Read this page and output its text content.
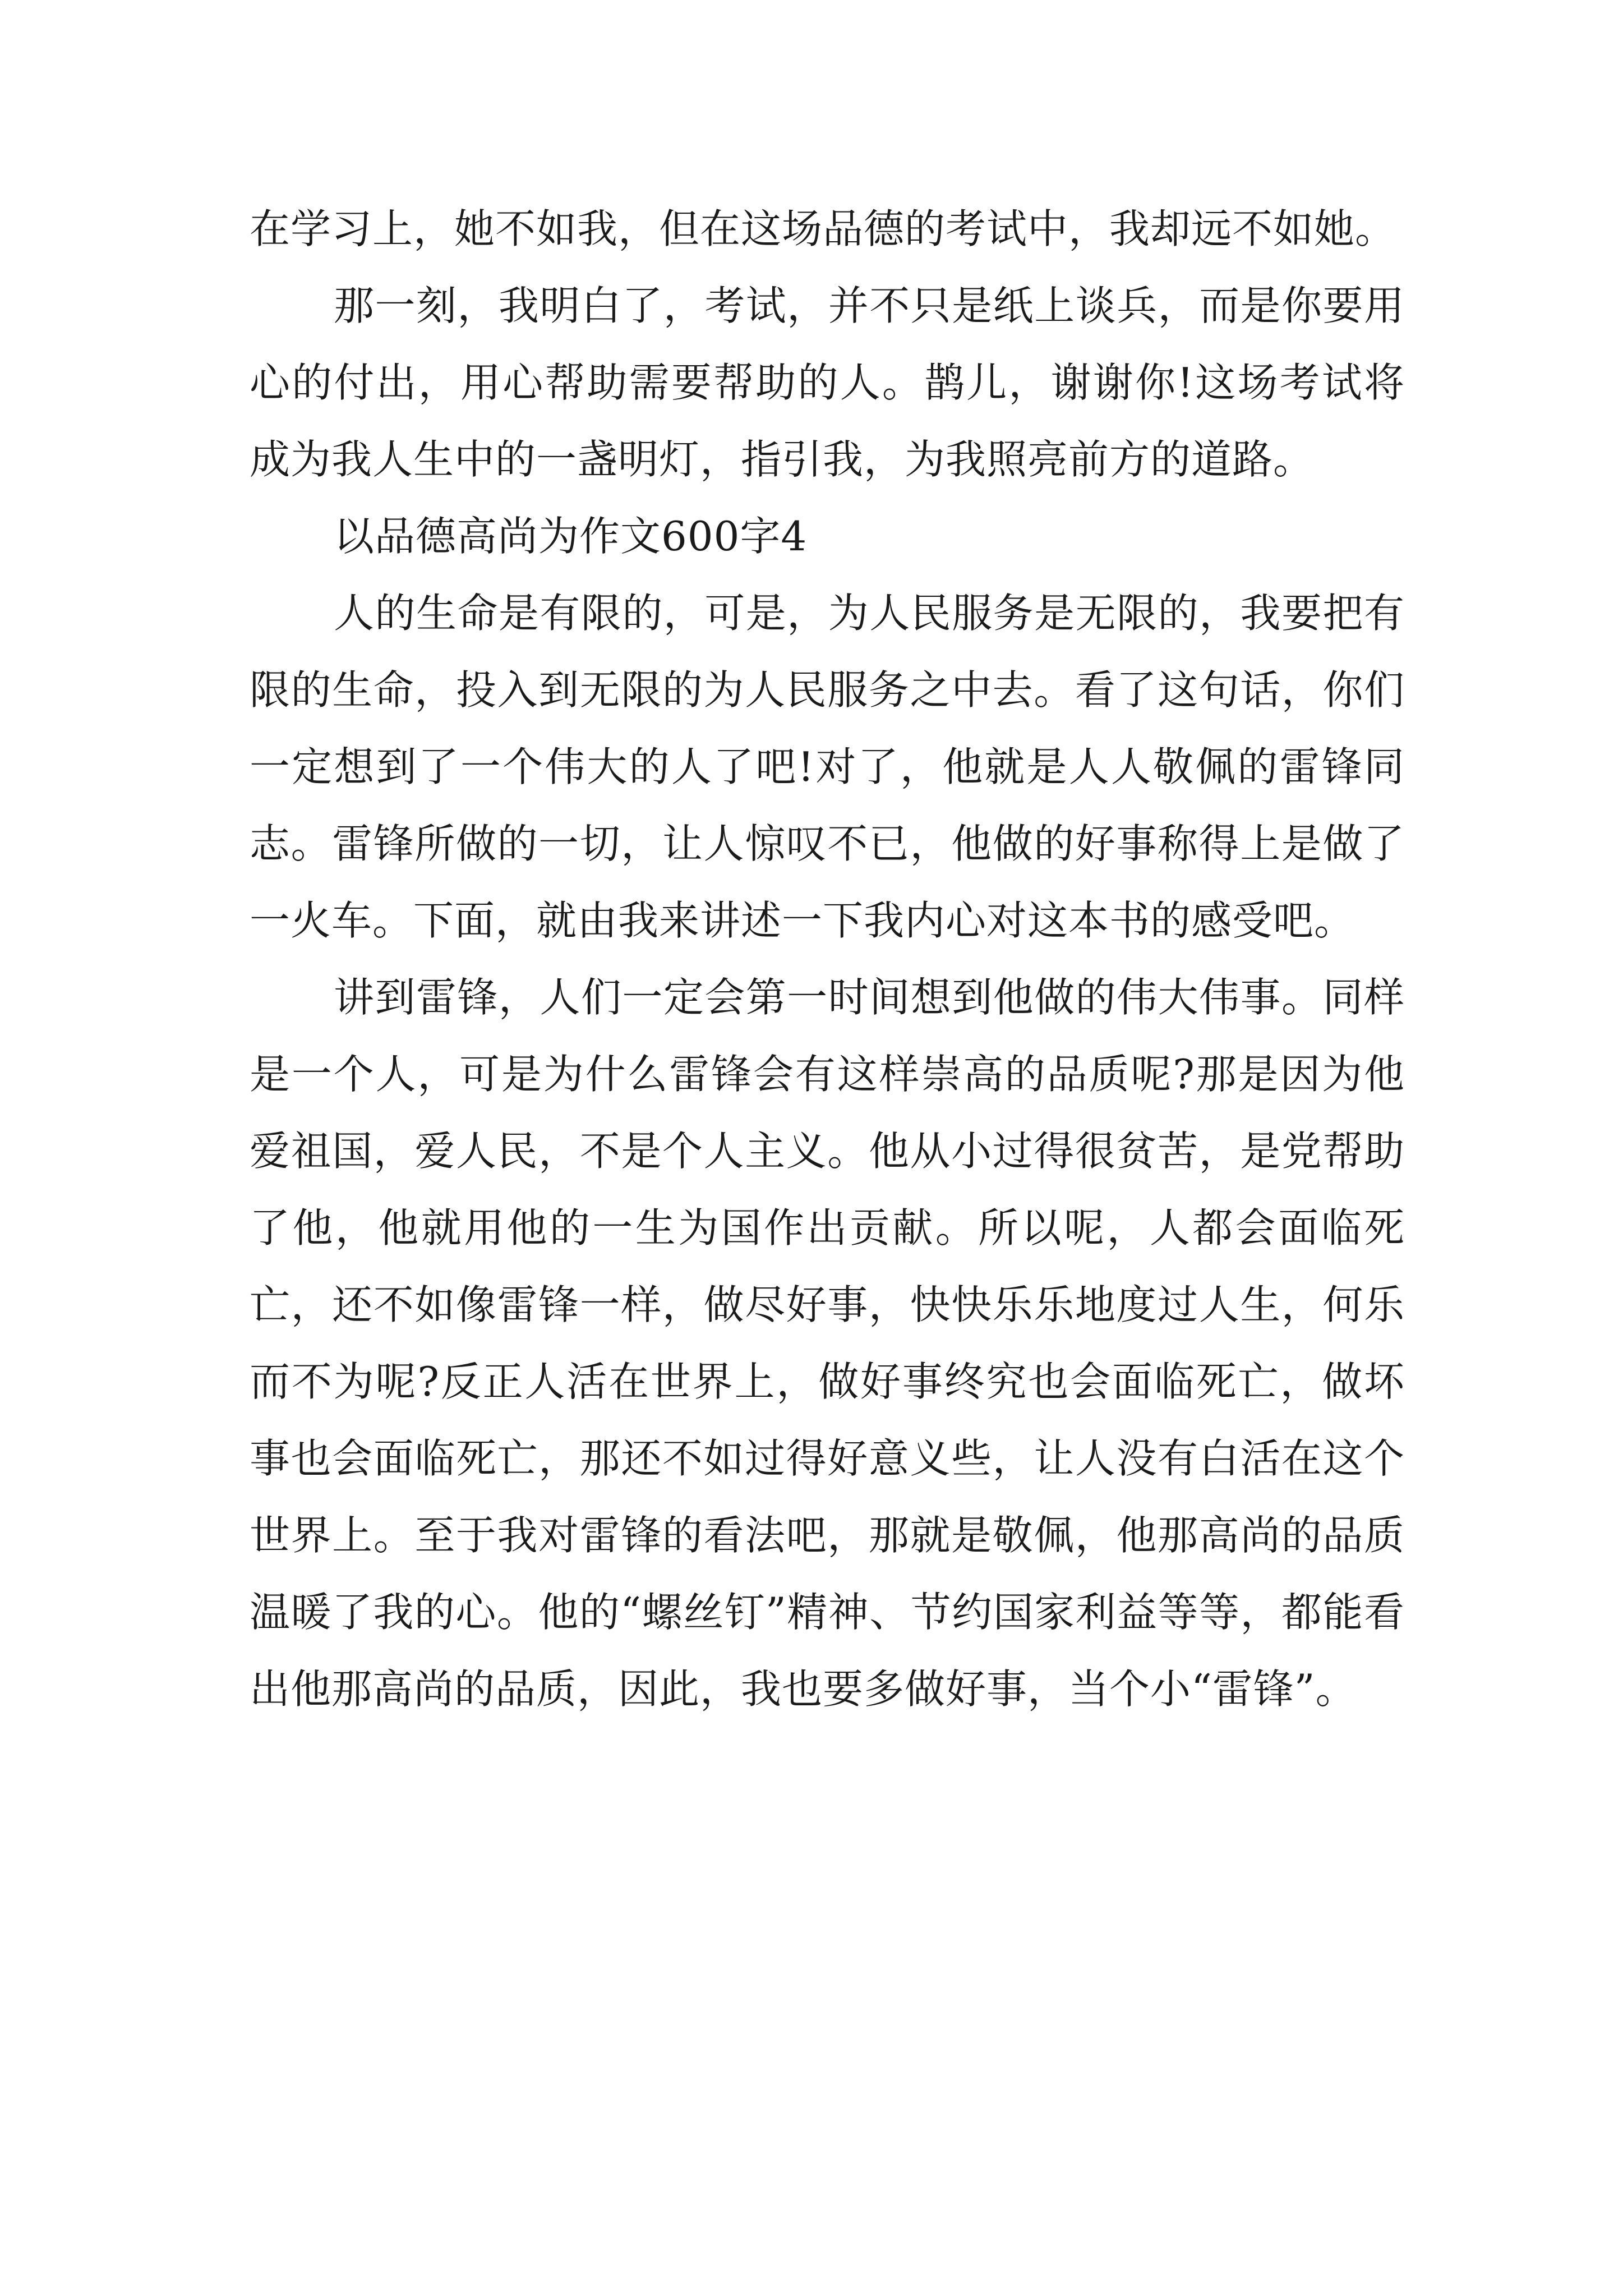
在学习上，她不如我，但在这场品德的考试中，我却远不如她。

那一刻，我明白了，考试，并不只是纸上谈兵，而是你要用心的付出，用心帮助需要帮助的人。鹊儿，谢谢你!这场考试将成为我人生中的一盏明灯，指引我，为我照亮前方的道路。

以品德高尚为作文600字4

人的生命是有限的，可是，为人民服务是无限的，我要把有限的生命，投入到无限的为人民服务之中去。看了这句话，你们一定想到了一个伟大的人了吧!对了，他就是人人敬佩的雷锋同志。雷锋所做的一切，让人惊叹不已，他做的好事称得上是做了一火车。下面，就由我来讲述一下我内心对这本书的感受吧。

讲到雷锋，人们一定会第一时间想到他做的伟大伟事。同样是一个人，可是为什么雷锋会有这样崇高的品质呢?那是因为他爱祖国，爱人民，不是个人主义。他从小过得很贫苦，是党帮助了他，他就用他的一生为国作出贡献。所以呢，人都会面临死亡，还不如像雷锋一样，做尽好事，快快乐乐地度过人生，何乐而不为呢?反正人活在世界上，做好事终究也会面临死亡，做坏事也会面临死亡，那还不如过得好意义些，让人没有白活在这个世界上。至于我对雷锋的看法吧，那就是敬佩，他那高尚的品质温暖了我的心。他的“螺丝钉”精神、节约国家利益等等，都能看出他那高尚的品质，因此，我也要多做好事，当个小“雷锋”。
